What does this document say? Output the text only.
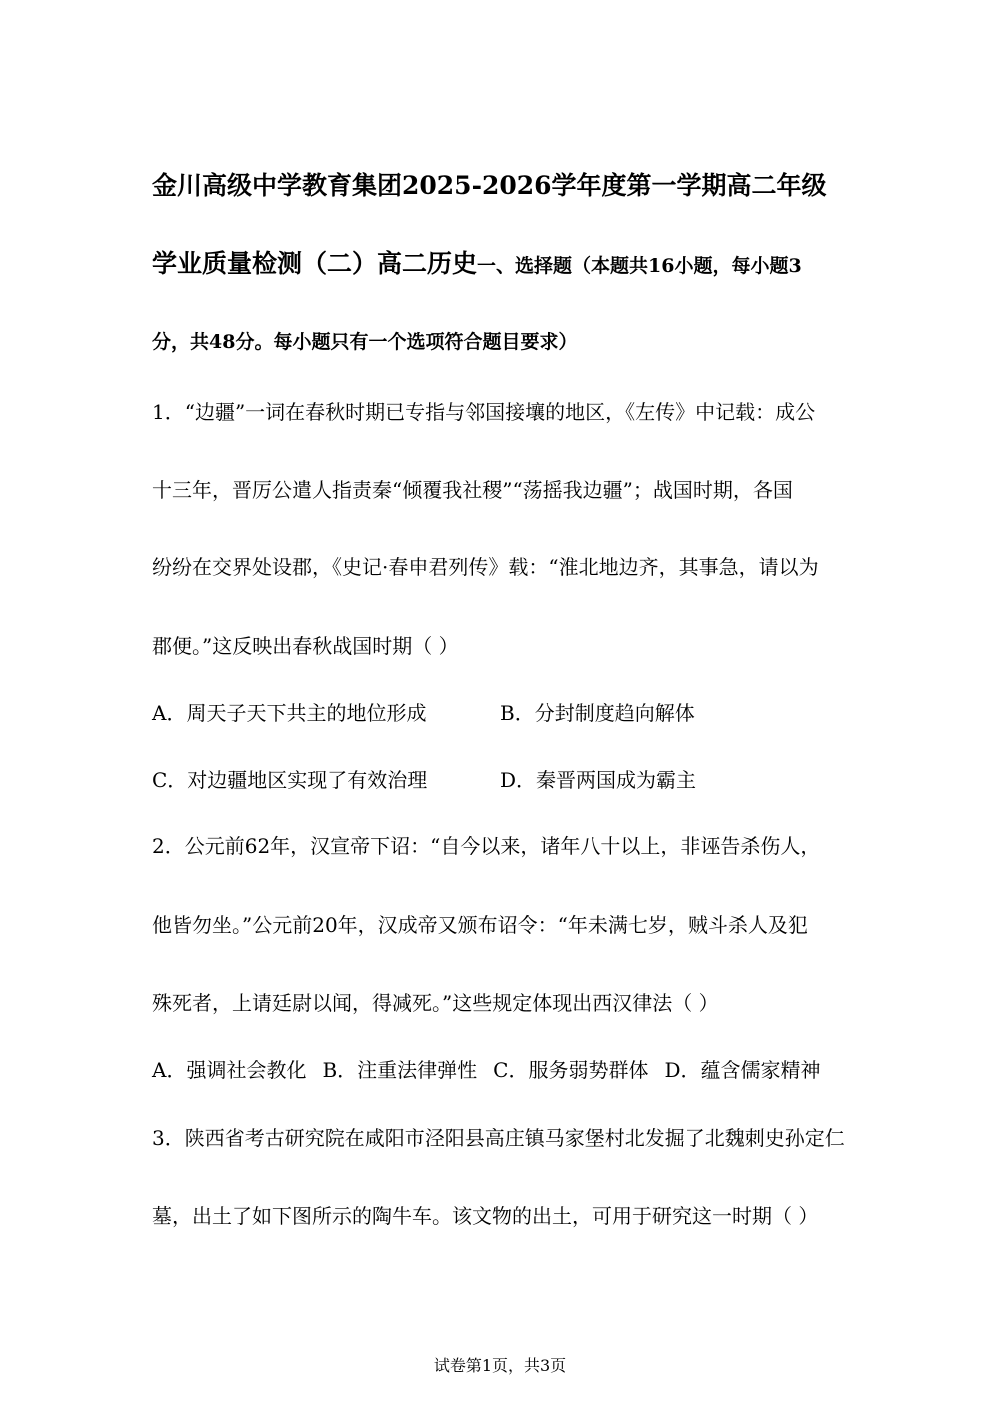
金川高级中学教育集团2025-2026学年度第一学期高二年级
学业质量检测（二）高二历史一、选择题（本题共16小题，每小题3
分，共48分。每小题只有一个选项符合题目要求）
1．“边疆”一词在春秋时期已专指与邻国接壤的地区，《左传》中记载：成公
十三年，晋厉公遣人指责秦“倾覆我社稷”“荡摇我边疆”；战国时期，各国
纷纷在交界处设郡，《史记·春申君列传》载：“淮北地边齐，其事急，请以为
郡便。”这反映出春秋战国时期（ ）
A．周天子天下共主的地位形成	B．分封制度趋向解体
C．对边疆地区实现了有效治理	D．秦晋两国成为霸主
2．公元前62年，汉宣帝下诏：“自今以来，诸年八十以上，非诬告杀伤人，
他皆勿坐。”公元前20年，汉成帝又颁布诏令：“年未满七岁，贼斗杀人及犯
殊死者，上请廷尉以闻，得减死。”这些规定体现出西汉律法（ ）
A．强调社会教化 B．注重法律弹性 C．服务弱势群体 D．蕴含儒家精神
3．陕西省考古研究院在咸阳市泾阳县高庄镇马家堡村北发掘了北魏刺史孙定仁
墓，出土了如下图所示的陶牛车。该文物的出土，可用于研究这一时期（ ）
试卷第1页，共3页
